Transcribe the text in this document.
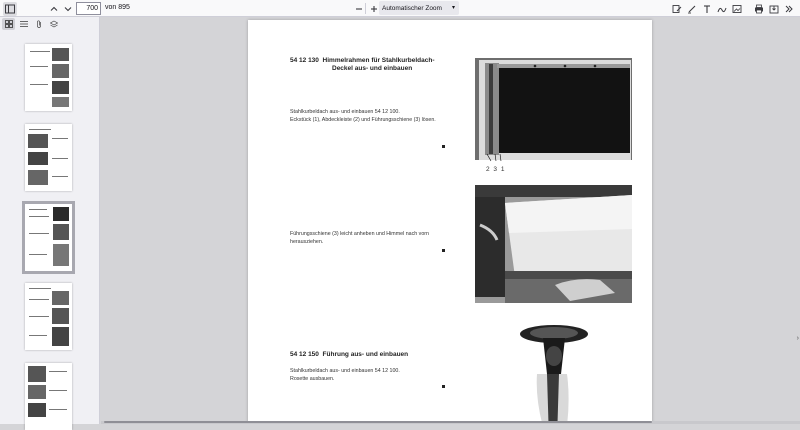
700
von 895	Automatischer Zoom ▾
54 12 130 Himmelrahmen für Stahlkurbeldach-
Deckel aus- und einbauen
Stahlkurbeldach aus- und einbauen 54 12 100.
Eckstück (1), Abdeckleiste (2) und Führungsschiene (3) lösen.
2 3 1
Führungsschiene (3) leicht anheben und Himmel nach vorn
herausziehen.
54 12 150 Führung aus- und einbauen
Stahlkurbeldach aus- und einbauen 54 12 100.
Rosette ausbauen.
›
